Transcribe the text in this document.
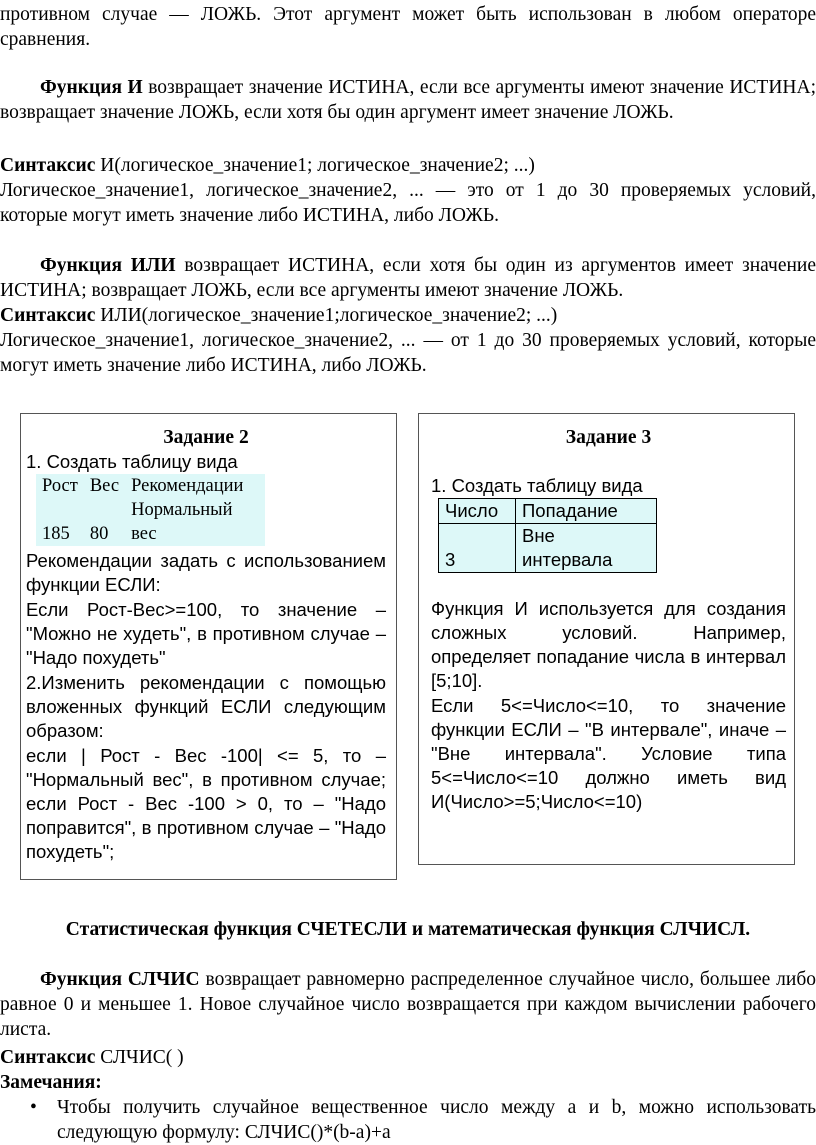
противном случае — ЛОЖЬ. Этот аргумент может быть использован в любом операторе сравнения.
Функция И возвращает значение ИСТИНА, если все аргументы имеют значение ИСТИНА; возвращает значение ЛОЖЬ, если хотя бы один аргумент имеет значение ЛОЖЬ.
Синтаксис И(логическое_значение1; логическое_значение2; ...)
Логическое_значение1, логическое_значение2, ... — это от 1 до 30 проверяемых условий, которые могут иметь значение либо ИСТИНА, либо ЛОЖЬ.
Функция ИЛИ возвращает ИСТИНА, если хотя бы один из аргументов имеет значение ИСТИНА; возвращает ЛОЖЬ, если все аргументы имеют значение ЛОЖЬ.
Синтаксис ИЛИ(логическое_значение1;логическое_значение2; ...)
Логическое_значение1, логическое_значение2, ... — от 1 до 30 проверяемых условий, которые могут иметь значение либо ИСТИНА, либо ЛОЖЬ.
Задание 2
1. Создать таблицу вида
Рост	Вес	Рекомендации
185	80	Нормальный вес
Рекомендации задать с использованием функции ЕСЛИ:
Если Рост-Вес>=100, то значение – "Можно не худеть", в противном случае – "Надо похудеть"
2.Изменить рекомендации с помощью вложенных функций ЕСЛИ следующим образом:
если | Рост - Вес -100| <= 5, то – "Нормальный вес", в противном случае; если Рост - Вес -100 > 0, то – "Надо поправится", в противном случае – "Надо похудеть";
Задание 3
1. Создать таблицу вида
Число	Попадание
3	Вне интервала
Функция И используется для создания сложных условий. Например, определяет попадание числа в интервал [5;10].
Если 5<=Число<=10, то значение функции ЕСЛИ – "В интервале", иначе – "Вне интервала". Условие типа 5<=Число<=10 должно иметь вид И(Число>=5;Число<=10)
Статистическая функция СЧЕТЕСЛИ и математическая функция СЛЧИСЛ.
Функция СЛЧИС возвращает равномерно распределенное случайное число, большее либо равное 0 и меньшее 1. Новое случайное число возвращается при каждом вычислении рабочего листа.
Синтаксис СЛЧИС( )
Замечания:
• Чтобы получить случайное вещественное число между a и b, можно использовать следующую формулу: СЛЧИС()*(b-a)+a
